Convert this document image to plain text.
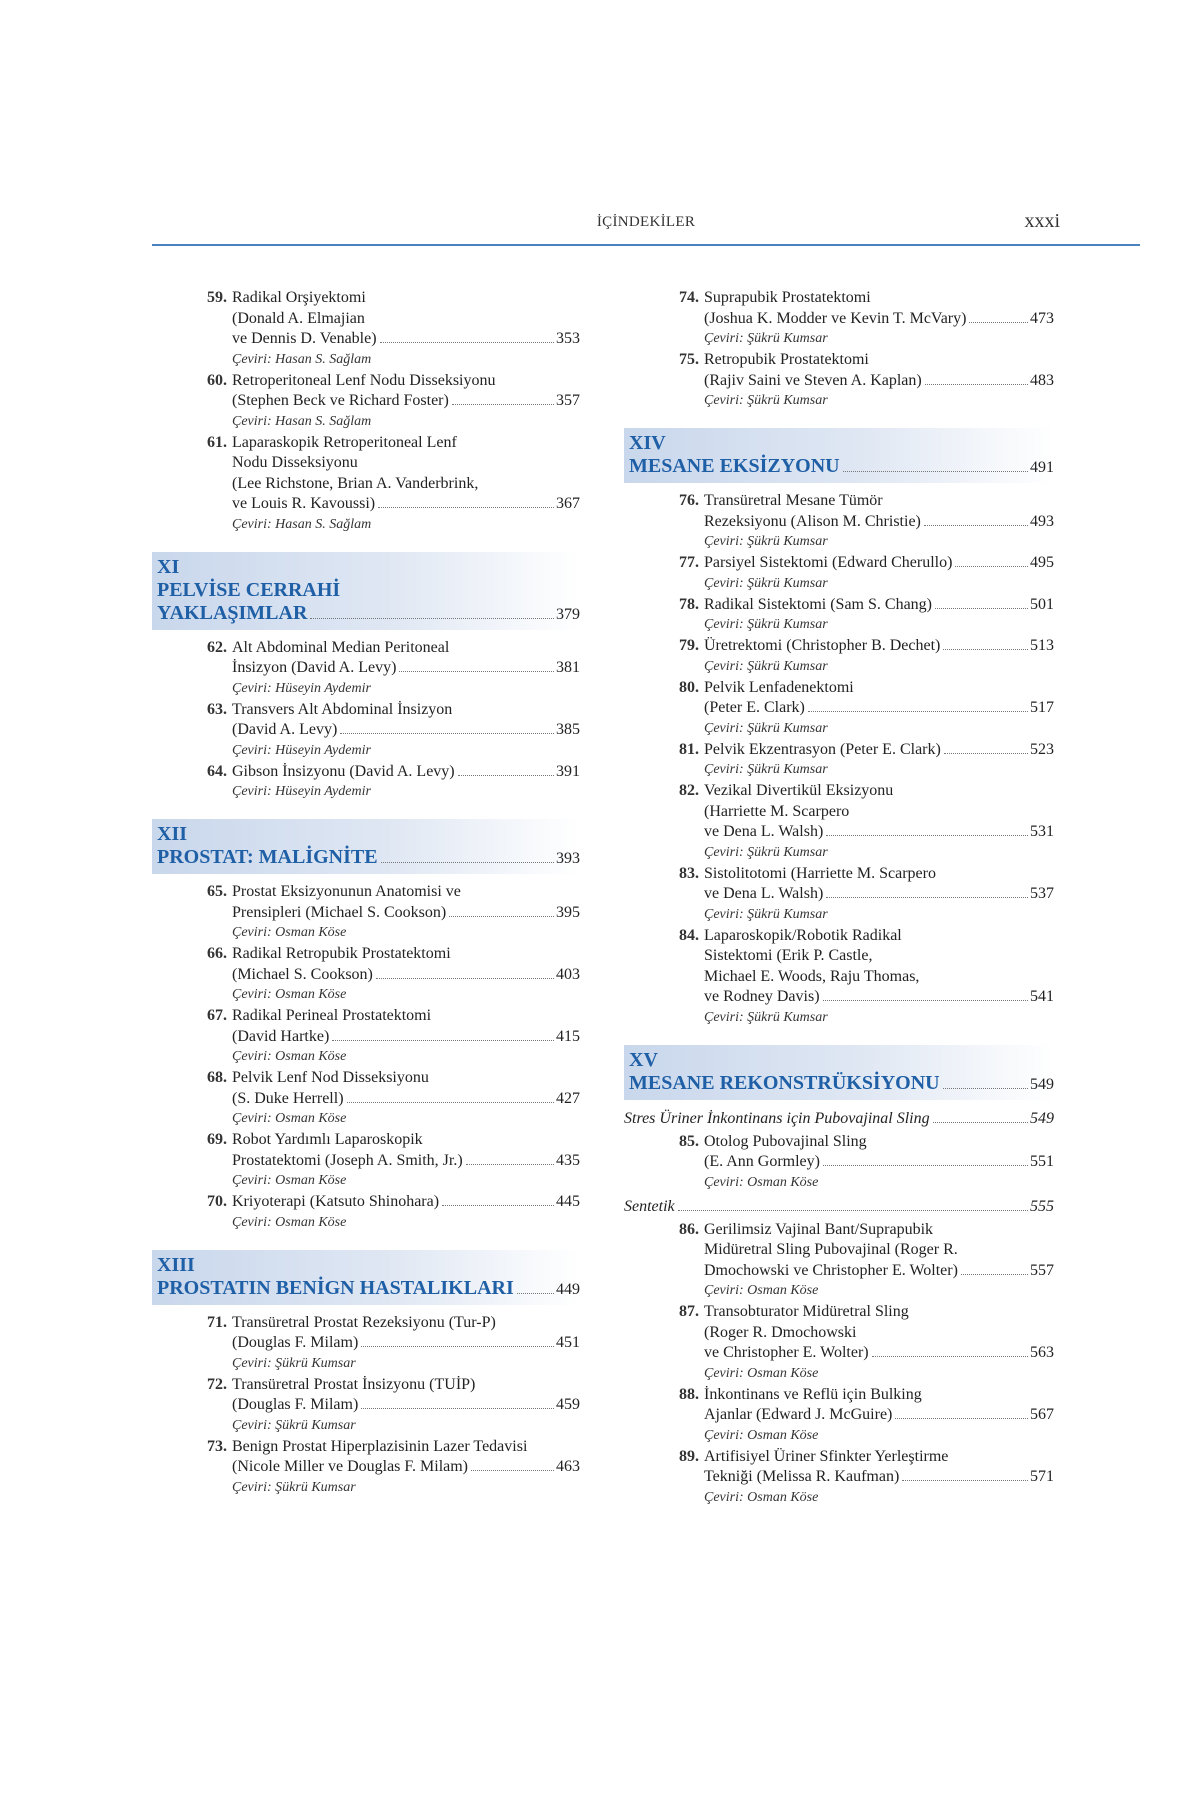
İÇİNDEKİLER	xxxi
59. Radikal Orşiyektomi
(Donald A. Elmajian
ve Dennis D. Venable)	353
Çeviri: Hasan S. Sağlam
60. Retroperitoneal Lenf Nodu Disseksiyonu
(Stephen Beck ve Richard Foster)	357
Çeviri: Hasan S. Sağlam
61. Laparaskopik Retroperitoneal Lenf
Nodu Disseksiyonu
(Lee Richstone, Brian A. Vanderbrink,
ve Louis R. Kavoussi)	367
Çeviri: Hasan S. Sağlam
XI
PELVİSE CERRAHİ
YAKLAŞIMLAR	379
62. Alt Abdominal Median Peritoneal
İnsizyon (David A. Levy)	381
Çeviri: Hüseyin Aydemir
63. Transvers Alt Abdominal İnsizyon
(David A. Levy)	385
Çeviri: Hüseyin Aydemir
64. Gibson İnsizyonu (David A. Levy)	391
Çeviri: Hüseyin Aydemir
XII
PROSTAT: MALİGNİTE	393
65. Prostat Eksizyonunun Anatomisi ve
Prensipleri (Michael S. Cookson)	395
Çeviri: Osman Köse
66. Radikal Retropubik Prostatektomi
(Michael S. Cookson)	403
Çeviri: Osman Köse
67. Radikal Perineal Prostatektomi
(David Hartke)	415
Çeviri: Osman Köse
68. Pelvik Lenf Nod Disseksiyonu
(S. Duke Herrell)	427
Çeviri: Osman Köse
69. Robot Yardımlı Laparoskopik
Prostatektomi (Joseph A. Smith, Jr.)	435
Çeviri: Osman Köse
70. Kriyoterapi (Katsuto Shinohara)	445
Çeviri: Osman Köse
XIII
PROSTATIN BENİGN HASTALIKLARI	449
71. Transüretral Prostat Rezeksiyonu (Tur-P)
(Douglas F. Milam)	451
Çeviri: Şükrü Kumsar
72. Transüretral Prostat İnsizyonu (TUİP)
(Douglas F. Milam)	459
Çeviri: Şükrü Kumsar
73. Benign Prostat Hiperplazisinin Lazer Tedavisi
(Nicole Miller ve Douglas F. Milam)	463
Çeviri: Şükrü Kumsar
74. Suprapubik Prostatektomi
(Joshua K. Modder ve Kevin T. McVary)	473
Çeviri: Şükrü Kumsar
75. Retropubik Prostatektomi
(Rajiv Saini ve Steven A. Kaplan)	483
Çeviri: Şükrü Kumsar
XIV
MESANE EKSİZYONU	491
76. Transüretral Mesane Tümör
Rezeksiyonu (Alison M. Christie)	493
Çeviri: Şükrü Kumsar
77. Parsiyel Sistektomi (Edward Cherullo)	495
Çeviri: Şükrü Kumsar
78. Radikal Sistektomi (Sam S. Chang)	501
Çeviri: Şükrü Kumsar
79. Üretrektomi (Christopher B. Dechet)	513
Çeviri: Şükrü Kumsar
80. Pelvik Lenfadenektomi
(Peter E. Clark)	517
Çeviri: Şükrü Kumsar
81. Pelvik Ekzentrasyon (Peter E. Clark)	523
Çeviri: Şükrü Kumsar
82. Vezikal Divertikül Eksizyonu
(Harriette M. Scarpero
ve Dena L. Walsh)	531
Çeviri: Şükrü Kumsar
83. Sistolitotomi (Harriette M. Scarpero
ve Dena L. Walsh)	537
Çeviri: Şükrü Kumsar
84. Laparoskopik/Robotik Radikal
Sistektomi (Erik P. Castle,
Michael E. Woods, Raju Thomas,
ve Rodney Davis)	541
Çeviri: Şükrü Kumsar
XV
MESANE REKONSTRÜKSİYONU	549
Stres Üriner İnkontinans için Pubovajinal Sling	549
85. Otolog Pubovajinal Sling
(E. Ann Gormley)	551
Çeviri: Osman Köse
Sentetik	555
86. Gerilimsiz Vajinal Bant/Suprapubik
Midüretral Sling Pubovajinal (Roger R.
Dmochowski ve Christopher E. Wolter)	557
Çeviri: Osman Köse
87. Transobturator Midüretral Sling
(Roger R. Dmochowski
ve Christopher E. Wolter)	563
Çeviri: Osman Köse
88. İnkontinans ve Reflü için Bulking
Ajanlar (Edward J. McGuire)	567
Çeviri: Osman Köse
89. Artifisiyel Üriner Sfinkter Yerleştirme
Tekniği (Melissa R. Kaufman)	571
Çeviri: Osman Köse
